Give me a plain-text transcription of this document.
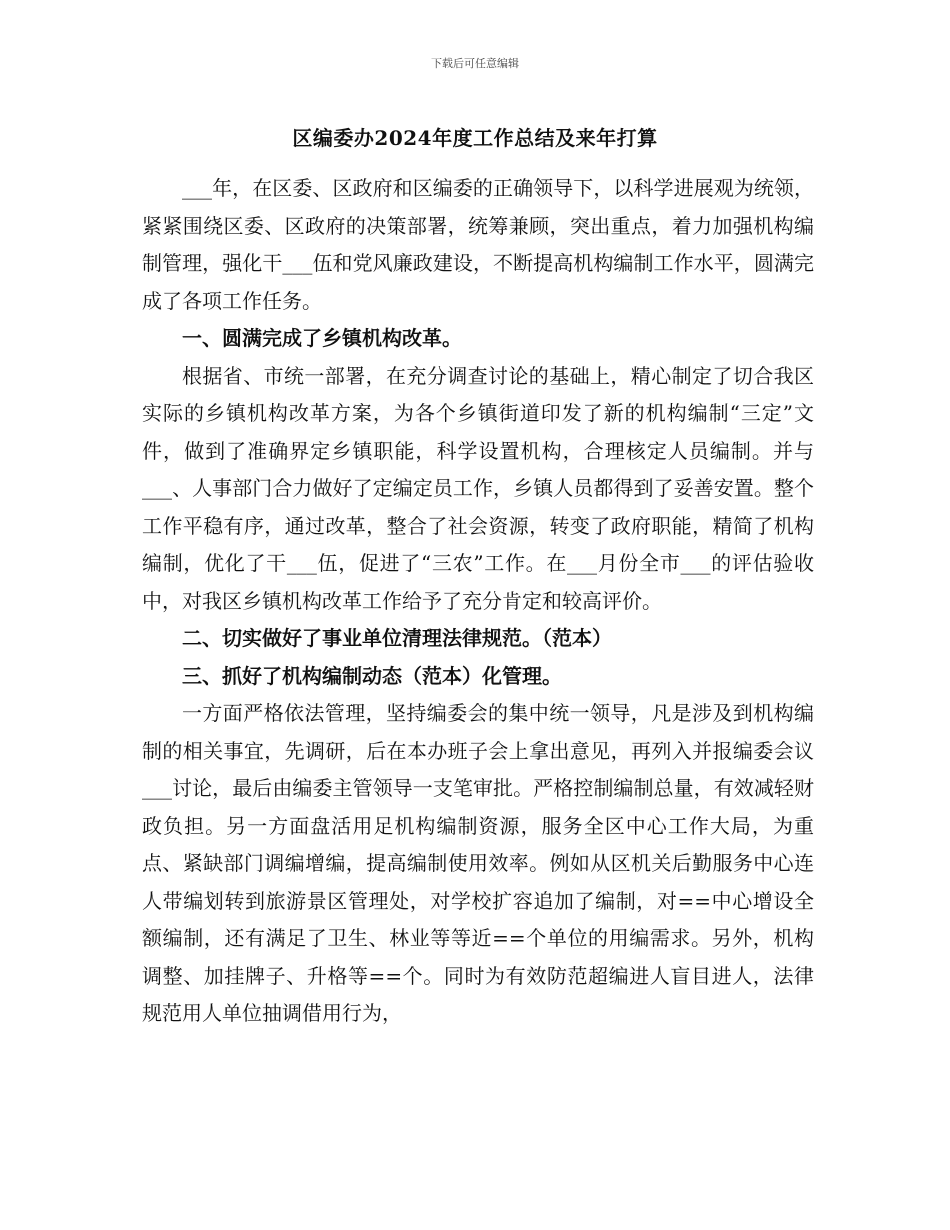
下载后可任意编辑
区编委办2024年度工作总结及来年打算

___年，在区委、区政府和区编委的正确领导下，以科学进展观为统领，紧紧围绕区委、区政府的决策部署，统筹兼顾，突出重点，着力加强机构编制管理，强化干___伍和党风廉政建设，不断提高机构编制工作水平，圆满完成了各项工作任务。

一、圆满完成了乡镇机构改革。

根据省、市统一部署，在充分调查讨论的基础上，精心制定了切合我区实际的乡镇机构改革方案，为各个乡镇街道印发了新的机构编制“三定”文件，做到了准确界定乡镇职能，科学设置机构，合理核定人员编制。并与___、人事部门合力做好了定编定员工作，乡镇人员都得到了妥善安置。整个工作平稳有序，通过改革，整合了社会资源，转变了政府职能，精简了机构编制，优化了干___伍，促进了“三农”工作。在___月份全市___的评估验收中，对我区乡镇机构改革工作给予了充分肯定和较高评价。

二、切实做好了事业单位清理法律规范。（范本）

三、抓好了机构编制动态（范本）化管理。

一方面严格依法管理，坚持编委会的集中统一领导，凡是涉及到机构编制的相关事宜，先调研，后在本办班子会上拿出意见，再列入并报编委会议___讨论，最后由编委主管领导一支笔审批。严格控制编制总量，有效减轻财政负担。另一方面盘活用足机构编制资源，服务全区中心工作大局，为重点、紧缺部门调编增编，提高编制使用效率。例如从区机关后勤服务中心连人带编划转到旅游景区管理处，对学校扩容追加了编制，对==中心增设全额编制，还有满足了卫生、林业等等近==个单位的用编需求。另外，机构调整、加挂牌子、升格等==个。同时为有效防范超编进人盲目进人，法律规范用人单位抽调借用行为，
